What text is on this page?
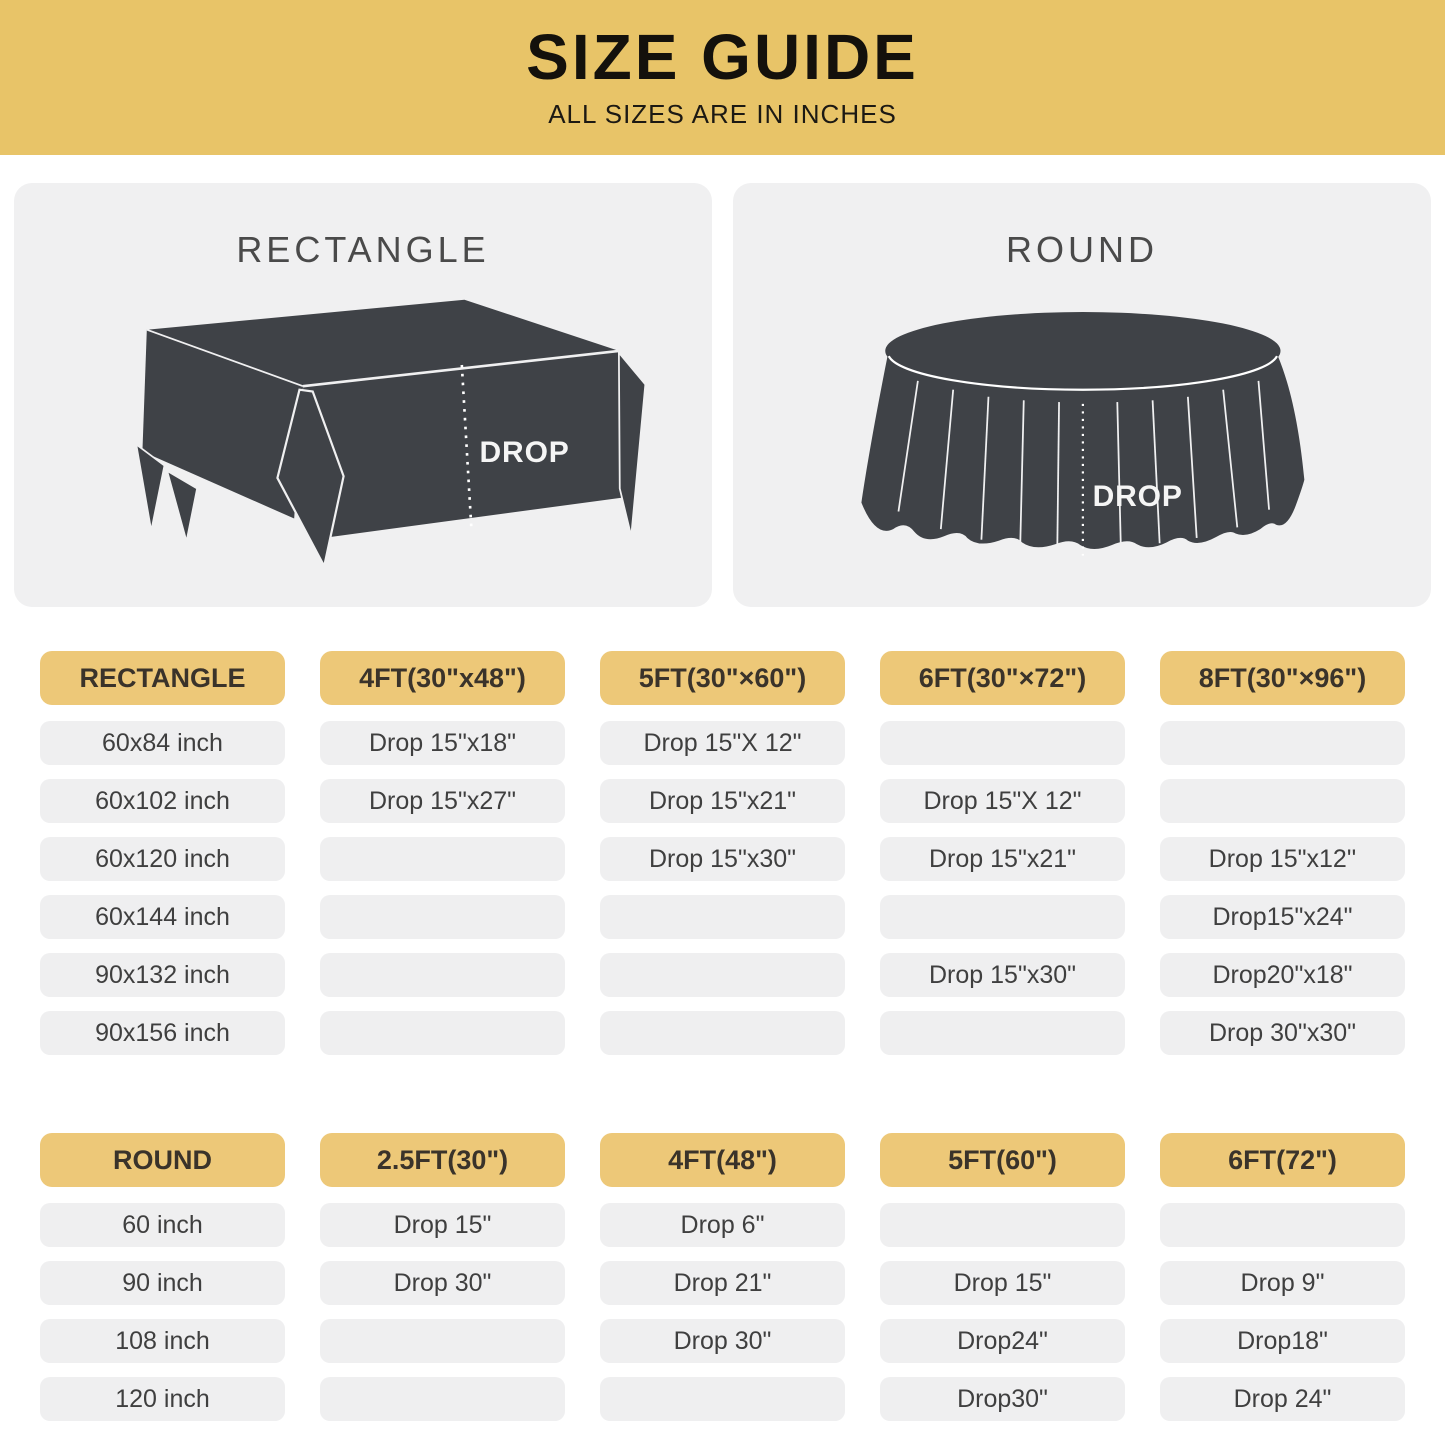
SIZE GUIDE
ALL SIZES ARE IN INCHES
RECTANGLE
DROP
ROUND
DROP
RECTANGLE
60x84 inch
60x102 inch
60x120 inch
60x144 inch
90x132 inch
90x156 inch
4FT(30"x48")
Drop 15"x18"
Drop 15"x27"
5FT(30"×60")
Drop 15"X 12"
Drop 15"x21"
Drop 15"x30"
6FT(30"×72")
Drop 15"X 12"
Drop 15"x21"
Drop 15"x30"
8FT(30"×96")
Drop 15"x12''
Drop15"x24"
Drop20"x18"
Drop 30"x30"
ROUND
60 inch
90 inch
108 inch
120 inch
2.5FT(30")
Drop 15"
Drop 30"
4FT(48")
Drop 6"
Drop 21"
Drop 30"
5FT(60")
Drop 15"
Drop24"
Drop30"
6FT(72")
Drop 9"
Drop18"
Drop 24"
